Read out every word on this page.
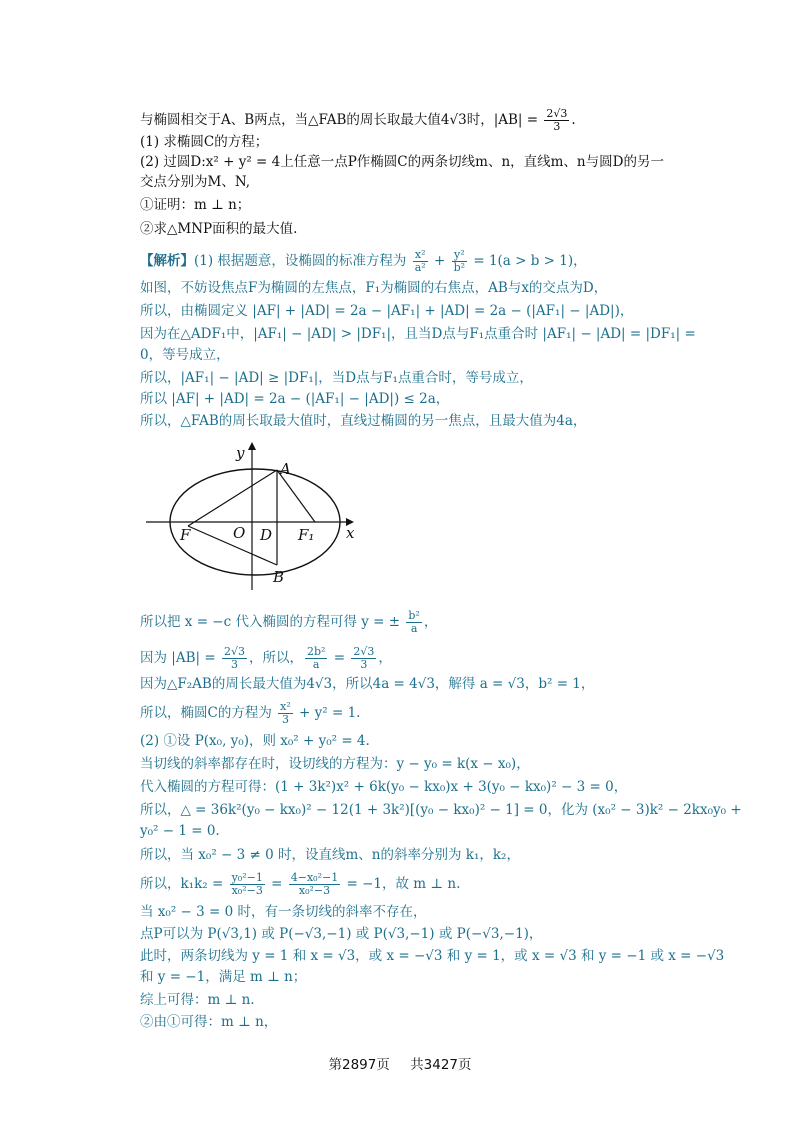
与椭圆相交于A、B两点，当△FAB的周长取最大值4√3时，$|AB| = \frac{2√3}{3}$ .
(1) 求椭圆C的方程；
(2) 过圆D:x² + y² = 4上任意一点P作椭圆C的两条切线m、n，直线m、n与圆D的另一
交点分别为M、N,
①证明：m ⊥ n；
②求△MNP面积的最大值.
【解析】(1) 根据题意，设椭圆的标准方程为 $\frac{\text{x²}}{\text{a²}} + \frac{\text{y²}}{\text{b²}} = 1(a > b > 1)$，
如图，不妨设焦点F为椭圆的左焦点，F₁为椭圆的右焦点，AB与x的交点为D，
所以，由椭圆定义 |AF| + |AD| = 2a − |AF₁| + |AD| = 2a − (|AF₁| − |AD|)，
因为在△ADF₁中，|AF₁| − |AD| > |DF₁|，且当D点与F₁点重合时 |AF₁| − |AD| = |DF₁| =
0，等号成立，
所以，|AF₁| − |AD| ≥ |DF₁|，当D点与F₁点重合时，等号成立，
所以 |AF| + |AD| = 2a − (|AF₁| − |AD|) ≤ 2a，
所以，△FAB的周长取最大值时，直线过椭圆的另一焦点，且最大值为4a，
y
x
A
B
O D
F	F₁
所以把 x = −c 代入椭圆的方程可得 y = ± $\frac{\text{b²}}{a}$ ，
因为 $|AB| = \frac{2√3}{3}$ ，所以， $\frac{\text{2b²}}{a} = \frac{2√3}{3}$ ，
因为△F₂AB的周长最大值为4√3，所以4a = 4√3，解得 a = √3，b² = 1，
所以，椭圆C的方程为 $\frac{\text{x²}}{3} + y^2 = 1$.
(2) ①设 P(x₀, y₀)，则 x₀² + y₀² = 4.
当切线的斜率都存在时，设切线的方程为：y − y₀ = k(x − x₀)，
代入椭圆的方程可得：(1 + 3k²)x² + 6k(y₀ − kx₀)x + 3(y₀ − kx₀)² − 3 = 0，
所以，△ = 36k²(y₀ − kx₀)² − 12(1 + 3k²)[(y₀ − kx₀)² − 1] = 0，化为 (x₀² − 3)k² − 2kx₀y₀ +
y₀² − 1 = 0.
所以，当 x₀² − 3 ≠ 0 时，设直线m、n的斜率分别为 k₁，k₂，
所以，$k_1k_2 = \frac{\text{y₀²−1}}{\text{x₀²−3}} = \frac{\text{4−x₀²−1}}{\text{x₀²−3}} = -1$，故 m ⊥ n.
当 x₀² − 3 = 0 时，有一条切线的斜率不存在，
点P可以为 P(√3,1) 或 P(−√3,−1) 或 P(√3,−1) 或 P(−√3,−1)，
此时，两条切线为 y = 1 和 x = √3，或 x = −√3 和 y = 1，或 x = √3 和 y = −1 或 x = −√3
和 y = −1，满足 m ⊥ n；
综上可得：m ⊥ n.
②由①可得：m ⊥ n，
第2897页 共3427页
